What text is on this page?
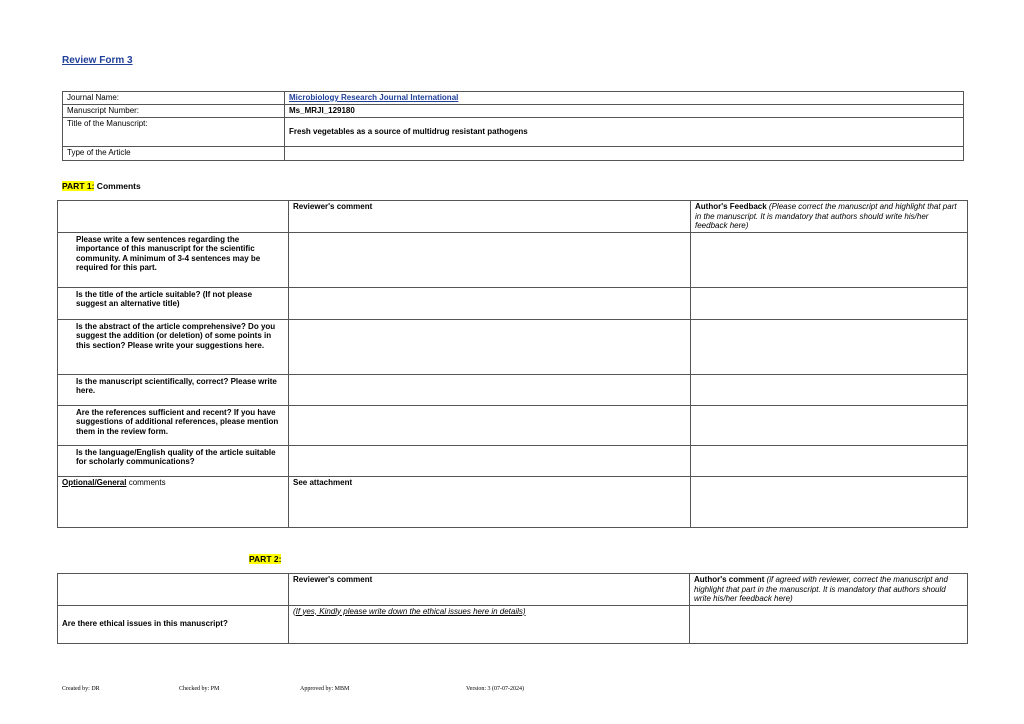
Review Form 3
Journal Name:	Microbiology Research Journal International
Manuscript Number:	Ms_MRJI_129180
Title of the Manuscript:	Fresh vegetables as a source of multidrug resistant pathogens
Type of the Article	
PART 1: Comments
	Reviewer's comment	Author's Feedback (Please correct the manuscript and highlight that part in the manuscript. It is mandatory that authors should write his/her feedback here)
Please write a few sentences regarding the importance of this manuscript for the scientific community. A minimum of 3-4 sentences may be required for this part.		
Is the title of the article suitable? (If not please suggest an alternative title)		
Is the abstract of the article comprehensive? Do you suggest the addition (or deletion) of some points in this section? Please write your suggestions here.		
Is the manuscript scientifically, correct? Please write here.		
Are the references sufficient and recent? If you have suggestions of additional references, please mention them in the review form.		
Is the language/English quality of the article suitable for scholarly communications?		
Optional/General comments	See attachment	
PART 2:
	Reviewer's comment	Author's comment (if agreed with reviewer, correct the manuscript and highlight that part in the manuscript. It is mandatory that authors should write his/her feedback here)
Are there ethical issues in this manuscript?	(If yes, Kindly please write down the ethical issues here in details)	
Created by: DR	Checked by: PM	Approved by: MBM	Version: 3 (07-07-2024)
